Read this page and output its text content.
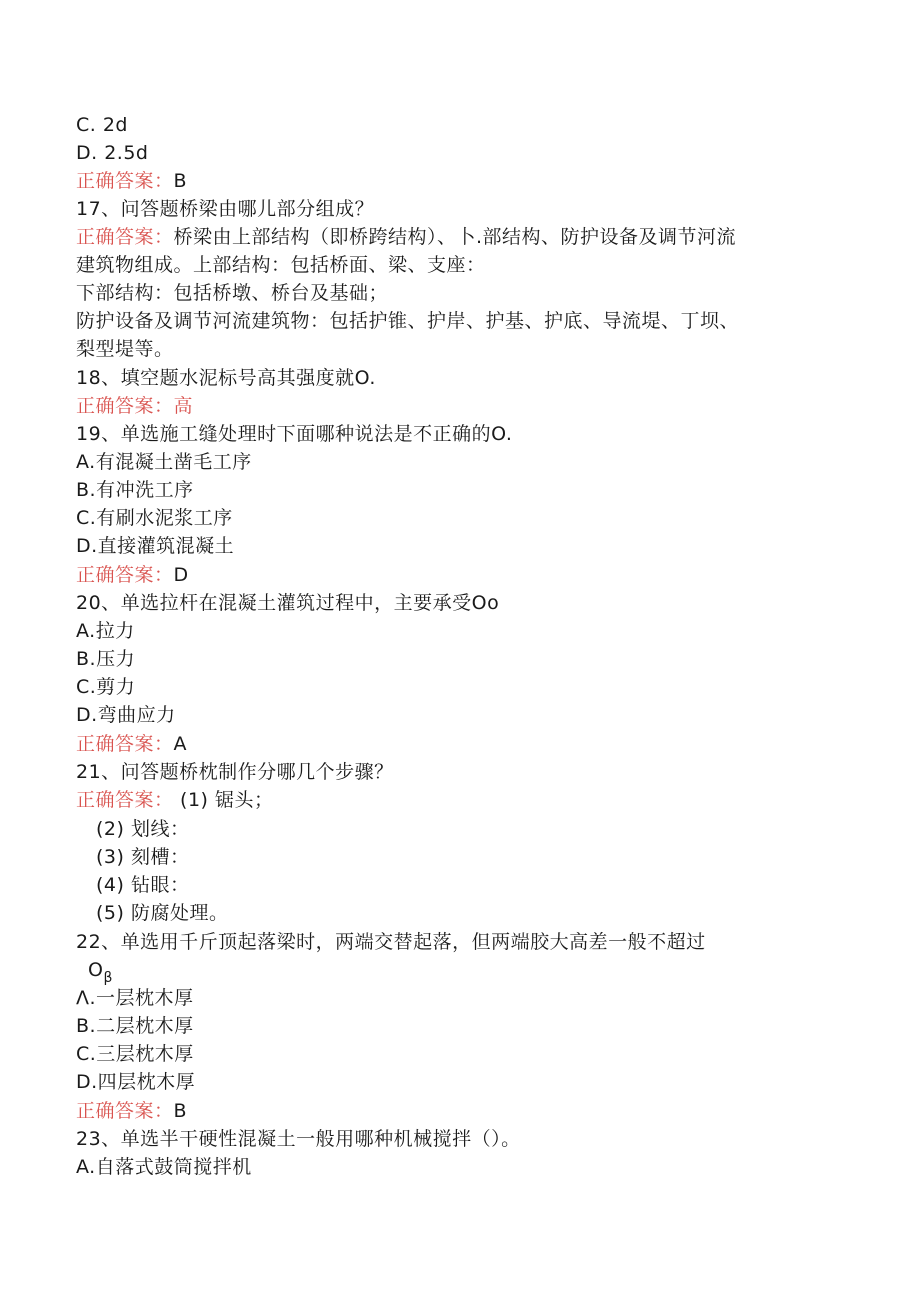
C. 2d
D. 2.5d
正确答案：B
17、问答题桥梁由哪儿部分组成？
正确答案：桥梁由上部结构（即桥跨结构）、卜.部结构、防护设备及调节河流
建筑物组成。上部结构：包括桥面、梁、支座：
下部结构：包括桥墩、桥台及基础；
防护设备及调节河流建筑物：包括护锥、护岸、护基、护底、导流堤、丁坝、
梨型堤等。
18、填空题水泥标号高其强度就O.
正确答案：高
19、单选施工缝处理时下面哪种说法是不正确的O.
A.有混凝土凿毛工序
B.有冲洗工序
C.有刷水泥浆工序
D.直接灌筑混凝土
正确答案：D
20、单选拉杆在混凝土灌筑过程中，主要承受Oo
A.拉力
B.压力
C.剪力
D.弯曲应力
正确答案：A
21、问答题桥枕制作分哪几个步骤？
正确答案： (1) 锯头；
(2) 划线：
(3) 刻槽：
(4) 钻眼：
(5) 防腐处理。
22、单选用千斤顶起落梁时，两端交替起落，但两端胶大高差一般不超过
$O_\beta$
Λ.一层枕木厚
B.二层枕木厚
C.三层枕木厚
D.四层枕木厚
正确答案：B
23、单选半干硬性混凝土一般用哪种机械搅拌（）。
A.自落式鼓筒搅拌机
